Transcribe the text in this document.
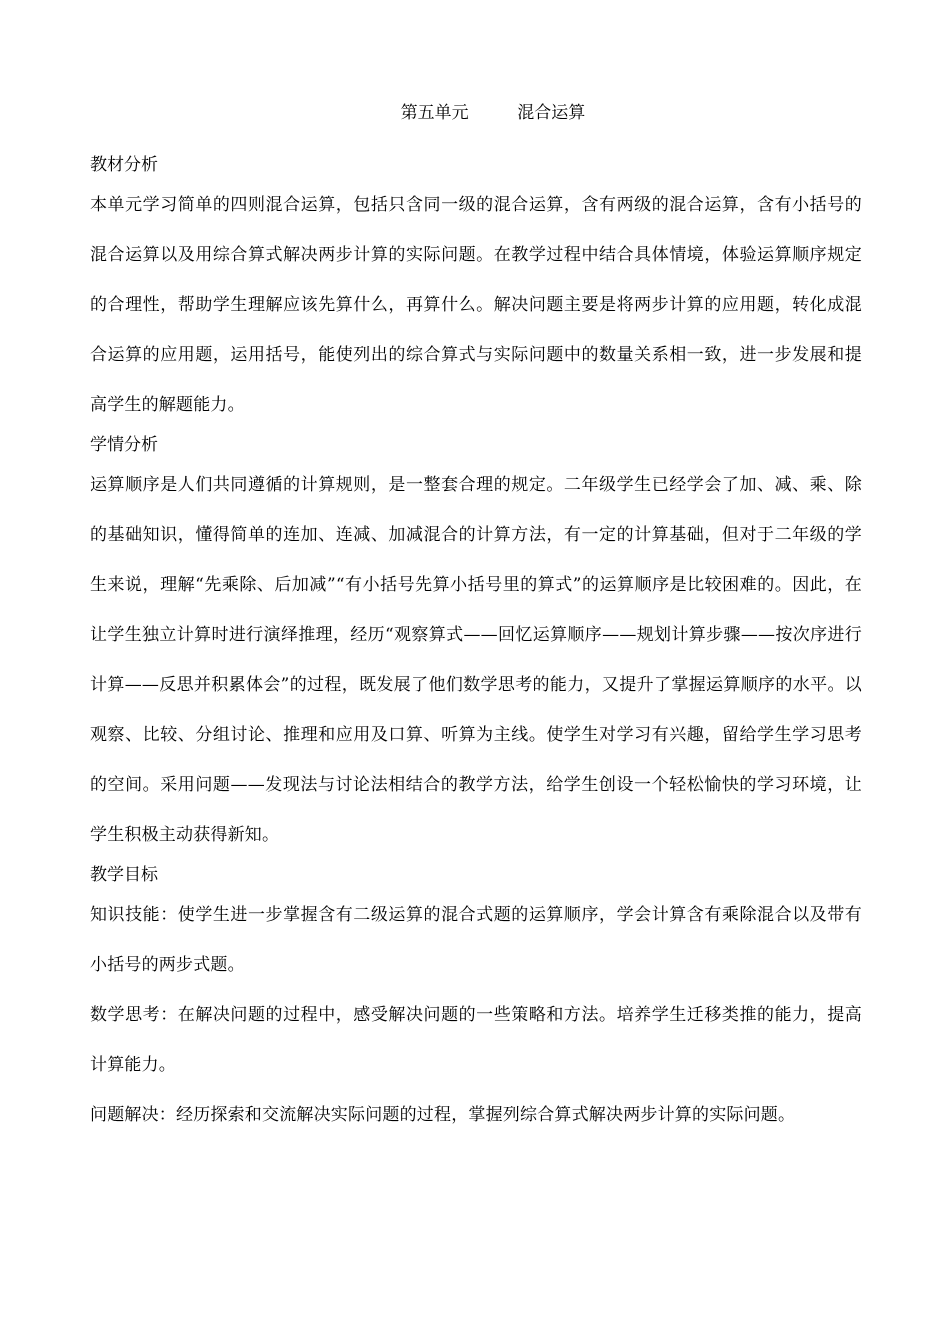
第五单元         混合运算
教材分析
本单元学习简单的四则混合运算，包括只含同一级的混合运算，含有两级的混合运算，含有小括号的混合运算以及用综合算式解决两步计算的实际问题。在教学过程中结合具体情境，体验运算顺序规定的合理性，帮助学生理解应该先算什么，再算什么。解决问题主要是将两步计算的应用题，转化成混合运算的应用题，运用括号，能使列出的综合算式与实际问题中的数量关系相一致，进一步发展和提高学生的解题能力。
学情分析
运算顺序是人们共同遵循的计算规则，是一整套合理的规定。二年级学生已经学会了加、减、乘、除的基础知识，懂得简单的连加、连减、加减混合的计算方法，有一定的计算基础，但对于二年级的学生来说，理解“先乘除、后加减”“有小括号先算小括号里的算式”的运算顺序是比较困难的。因此，在让学生独立计算时进行演绎推理，经历“观察算式——回忆运算顺序——规划计算步骤——按次序进行计算——反思并积累体会”的过程，既发展了他们数学思考的能力，又提升了掌握运算顺序的水平。以观察、比较、分组讨论、推理和应用及口算、听算为主线。使学生对学习有兴趣，留给学生学习思考的空间。采用问题——发现法与讨论法相结合的教学方法，给学生创设一个轻松愉快的学习环境，让学生积极主动获得新知。
教学目标
知识技能：使学生进一步掌握含有二级运算的混合式题的运算顺序，学会计算含有乘除混合以及带有小括号的两步式题。
数学思考：在解决问题的过程中，感受解决问题的一些策略和方法。培养学生迁移类推的能力，提高计算能力。
问题解决：经历探索和交流解决实际问题的过程，掌握列综合算式解决两步计算的实际问题。
